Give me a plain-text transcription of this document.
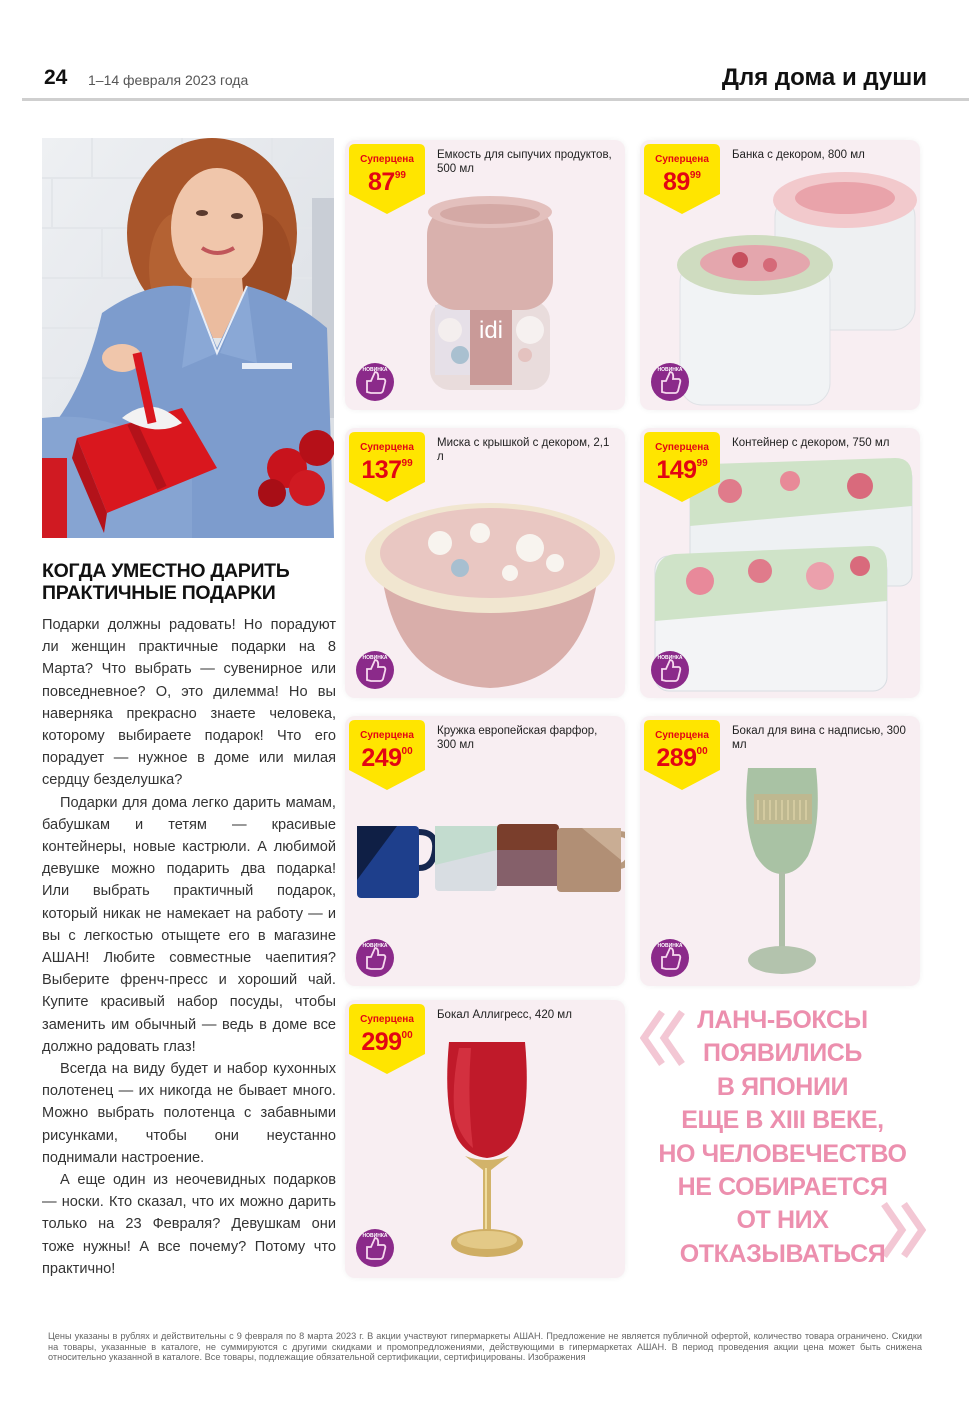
24 1–14 февраля 2023 года	Для дома и души
КОГДА УМЕСТНО ДАРИТЬ ПРАКТИЧНЫЕ ПОДАРКИ

Подарки должны радовать! Но порадуют ли женщин практичные подарки на 8 Марта? Что выбрать — сувенирное или повседневное? О, это дилемма! Но вы наверняка прекрасно знаете человека, которому выбираете подарок! Что его порадует — нужное в доме или милая сердцу безделушка?

Подарки для дома легко дарить мамам, бабушкам и тетям — красивые контейнеры, новые кастрюли. А любимой девушке можно подарить два подарка! Или выбрать практичный подарок, который никак не намекает на работу — и вы с легкостью отыщете его в магазине АШАН! Любите совместные чаепития? Выберите френч-пресс и хороший чай. Купите красивый набор посуды, чтобы заменить им обычный — ведь в доме все должно радовать глаз!

Всегда на виду будет и набор кухонных полотенец — их никогда не бывает много. Можно выбрать полотенца с забавными рисунками, чтобы они неустанно поднимали настроение.

А еще один из неочевидных подарков — носки. Кто сказал, что их можно дарить только на 23 Февраля? Девушкам они тоже нужны! А все почему? Потому что практично!

Суперцена
$87^{99}$
Емкость для сыпучих продуктов, 500 мл
idi
НОВИНКА
Суперцена
$89^{99}$
Банка с декором, 800 мл
НОВИНКА
Суперцена
$137^{99}$
Миска с крышкой с декором, 2,1 л
НОВИНКА
Суперцена
$149^{99}$
Контейнер с декором, 750 мл
НОВИНКА
Суперцена
$249^{00}$
Кружка европейская фарфор, 300 мл
НОВИНКА
Суперцена
$289^{00}$
Бокал для вина с надписью, 300 мл
НОВИНКА
Суперцена
$299^{00}$
Бокал Аллигресс, 420 мл
НОВИНКА
ЛАНЧ-БОКСЫ
ПОЯВИЛИСЬ
В ЯПОНИИ
ЕЩЕ В XIII ВЕКЕ,
НО ЧЕЛОВЕЧЕСТВО
НЕ СОБИРАЕТСЯ
ОТ НИХ
ОТКАЗЫВАТЬСЯ
Цены указаны в рублях и действительны с 9 февраля по 8 марта 2023 г. В акции участвуют гипермаркеты АШАН. Предложение не является публичной офертой, количество товара ограничено. Скидки на товары, указанные в каталоге, не суммируются с другими скидками и промопредложениями, действующими в гипермаркетах АШАН. В период проведения акции цена может быть снижена относительно указанной в каталоге. Все товары, подлежащие обязательной сертификации, сертифицированы. Изображения
